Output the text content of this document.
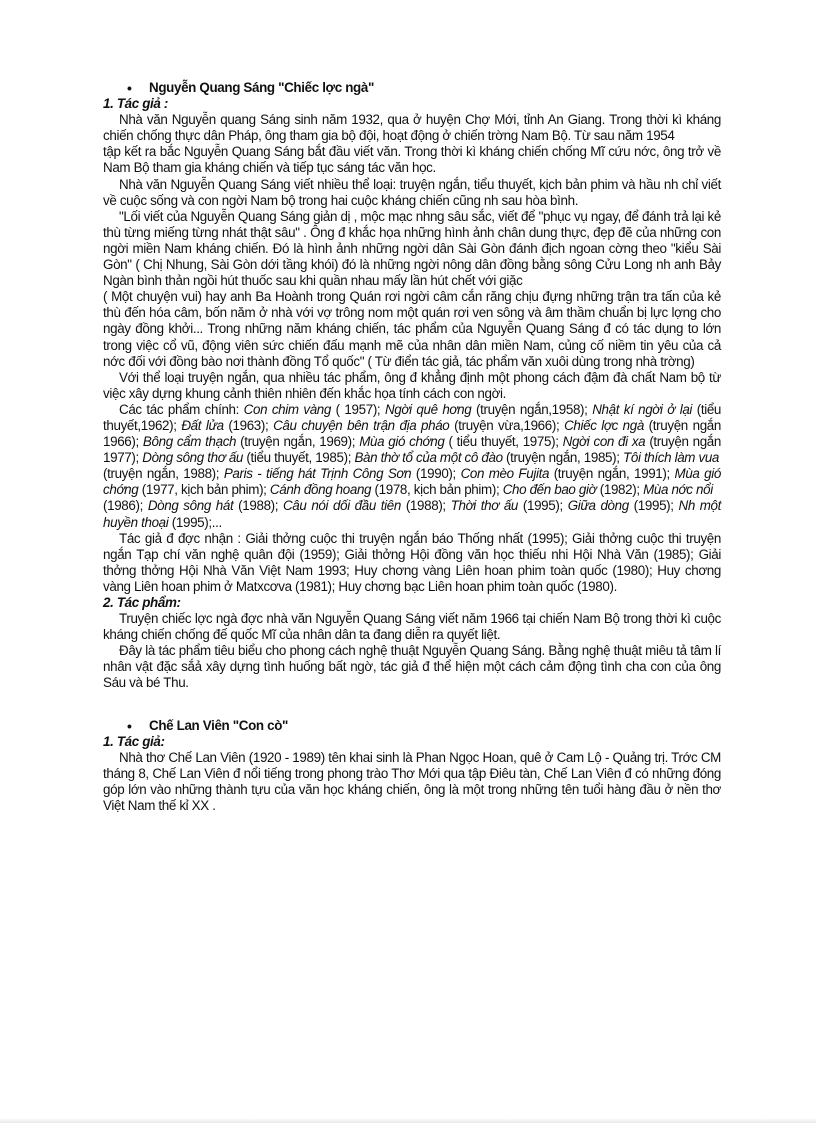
• Nguyễn Quang Sáng "Chiếc lợc ngà"

1. Tác giả :

Nhà văn Nguyễn quang Sáng sinh năm 1932, qua ở huyện Chợ Mới, tỉnh An Giang. Trong thời kì kháng chiến chống thực dân Pháp, ông tham gia bộ đội, hoạt động ở chiến trờng Nam Bộ. Từ sau năm 1954

tập kết ra bắc Nguyễn Quang Sáng bắt đầu viết văn. Trong thời kì kháng chiến chống Mĩ cứu nớc, ông trở về Nam Bộ tham gia kháng chiến và tiếp tục sáng tác văn học.

Nhà văn Nguyễn Quang Sáng viết nhiều thể loại: truyện ngắn, tiểu thuyết, kịch bản phim và hầu nh chỉ viết về cuộc sống và con ngời Nam bộ trong hai cuộc kháng chiến cũng nh sau hòa bình.

"Lối viết của Nguyễn Quang Sáng giản dị , mộc mạc nhng sâu sắc, viết để "phục vụ ngay, để đánh trả lại kẻ thù từng miếng từng nhát thật sâu" . Ông đ khắc họa những hình ảnh chân dung thực, đẹp đẽ của những con ngời miền Nam kháng chiến. Đó là hình ảnh những ngời dân Sài Gòn đánh địch ngoan cờng theo "kiểu Sài Gòn" ( Chị Nhung, Sài Gòn dới tầng khói) đó là những ngời nông dân đồng bằng sông Cửu Long nh anh Bảy Ngàn bình thản ngồi hút thuốc sau khi quần nhau mấy lần hút chết với giặc

( Một chuyện vui) hay anh Ba Hoành trong Quán rơi ngời câm cắn răng chịu đựng những trận tra tấn của kẻ thù đến hóa câm, bốn năm ở nhà với vợ trông nom một quán rơi ven sông và âm thầm chuẩn bị lực lợng cho ngày đồng khởi... Trong những năm kháng chiến, tác phẩm của Nguyễn Quang Sáng đ có tác dụng to lớn trong việc cổ vũ, động viên sức chiến đấu mạnh mẽ của nhân dân miền Nam, củng cố niềm tin yêu của cả nớc đối với đồng bào nơi thành đồng Tổ quốc" ( Từ điển tác giả, tác phẩm văn xuôi dùng trong nhà trờng)

Với thể loại truyện ngắn, qua nhiều tác phẩm, ông đ khẳng định một phong cách đậm đà chất Nam bộ từ việc xây dựng khung cảnh thiên nhiên đến khắc họa tính cách con ngời.

Các tác phẩm chính: Con chim vàng ( 1957); Ngời quê hơng (truyện ngắn,1958); Nhật kí ngời ở lại (tiểu thuyết,1962); Đất lửa (1963); Câu chuyện bên trận địa pháo (truyện vừa,1966); Chiếc lợc ngà (truyện ngắn 1966); Bông cẩm thạch (truyện ngắn, 1969); Mùa gió chớng ( tiểu thuyết, 1975); Ngời con đi xa (truyện ngắn 1977); Dòng sông thơ ấu (tiểu thuyết, 1985); Bàn thờ tổ của một cô đào (truyện ngắn, 1985); Tôi thích làm vua

(truyện ngắn, 1988); Paris - tiếng hát Trịnh Công Sơn (1990); Con mèo Fujita (truyện ngắn, 1991); Mùa gió chớng (1977, kịch bản phim); Cánh đồng hoang (1978, kịch bản phim); Cho đến bao giờ (1982); Mùa nớc nổi

(1986); Dòng sông hát (1988); Câu nói dối đầu tiên (1988); Thời thơ ấu (1995); Giữa dòng (1995); Nh một huyền thoại (1995);...

Tác giả đ đợc nhận : Giải thởng cuộc thi truyện ngắn báo Thống nhất (1995); Giải thởng cuộc thi truyện ngắn Tạp chí văn nghệ quân đội (1959); Giải thởng Hội đồng văn học thiếu nhi Hội Nhà Văn (1985); Giải thởng thởng Hội Nhà Văn Việt Nam 1993; Huy chơng vàng Liên hoan phim toàn quốc (1980); Huy chơng vàng Liên hoan phim ở Matxcơva (1981); Huy chơng bạc Liên hoan phim toàn quốc (1980).

2. Tác phẩm:

Truyện chiếc lợc ngà đợc nhà văn Nguyễn Quang Sáng viết năm 1966 tại chiến Nam Bộ trong thời kì cuộc kháng chiến chống đế quốc Mĩ của nhân dân ta đang diễn ra quyết liệt.

Đây là tác phẩm tiêu biểu cho phong cách nghệ thuật Nguyễn Quang Sáng. Bằng nghệ thuật miêu tả tâm lí nhân vật đặc sắả xây dựng tình huống bất ngờ, tác giả đ thể hiện một cách cảm động tình cha con của ông Sáu và bé Thu.

• Chế Lan Viên "Con cò"

1. Tác giả:

Nhà thơ Chế Lan Viên (1920 - 1989) tên khai sinh là Phan Ngọc Hoan, quê ở Cam Lộ - Quảng trị. Trớc CM tháng 8, Chế Lan Viên đ nổi tiếng trong phong trào Thơ Mới qua tập Điêu tàn, Chế Lan Viên đ có những đóng góp lớn vào những thành tựu của văn học kháng chiến, ông là một trong những tên tuổi hàng đầu ở nền thơ Việt Nam thế kỉ XX .
